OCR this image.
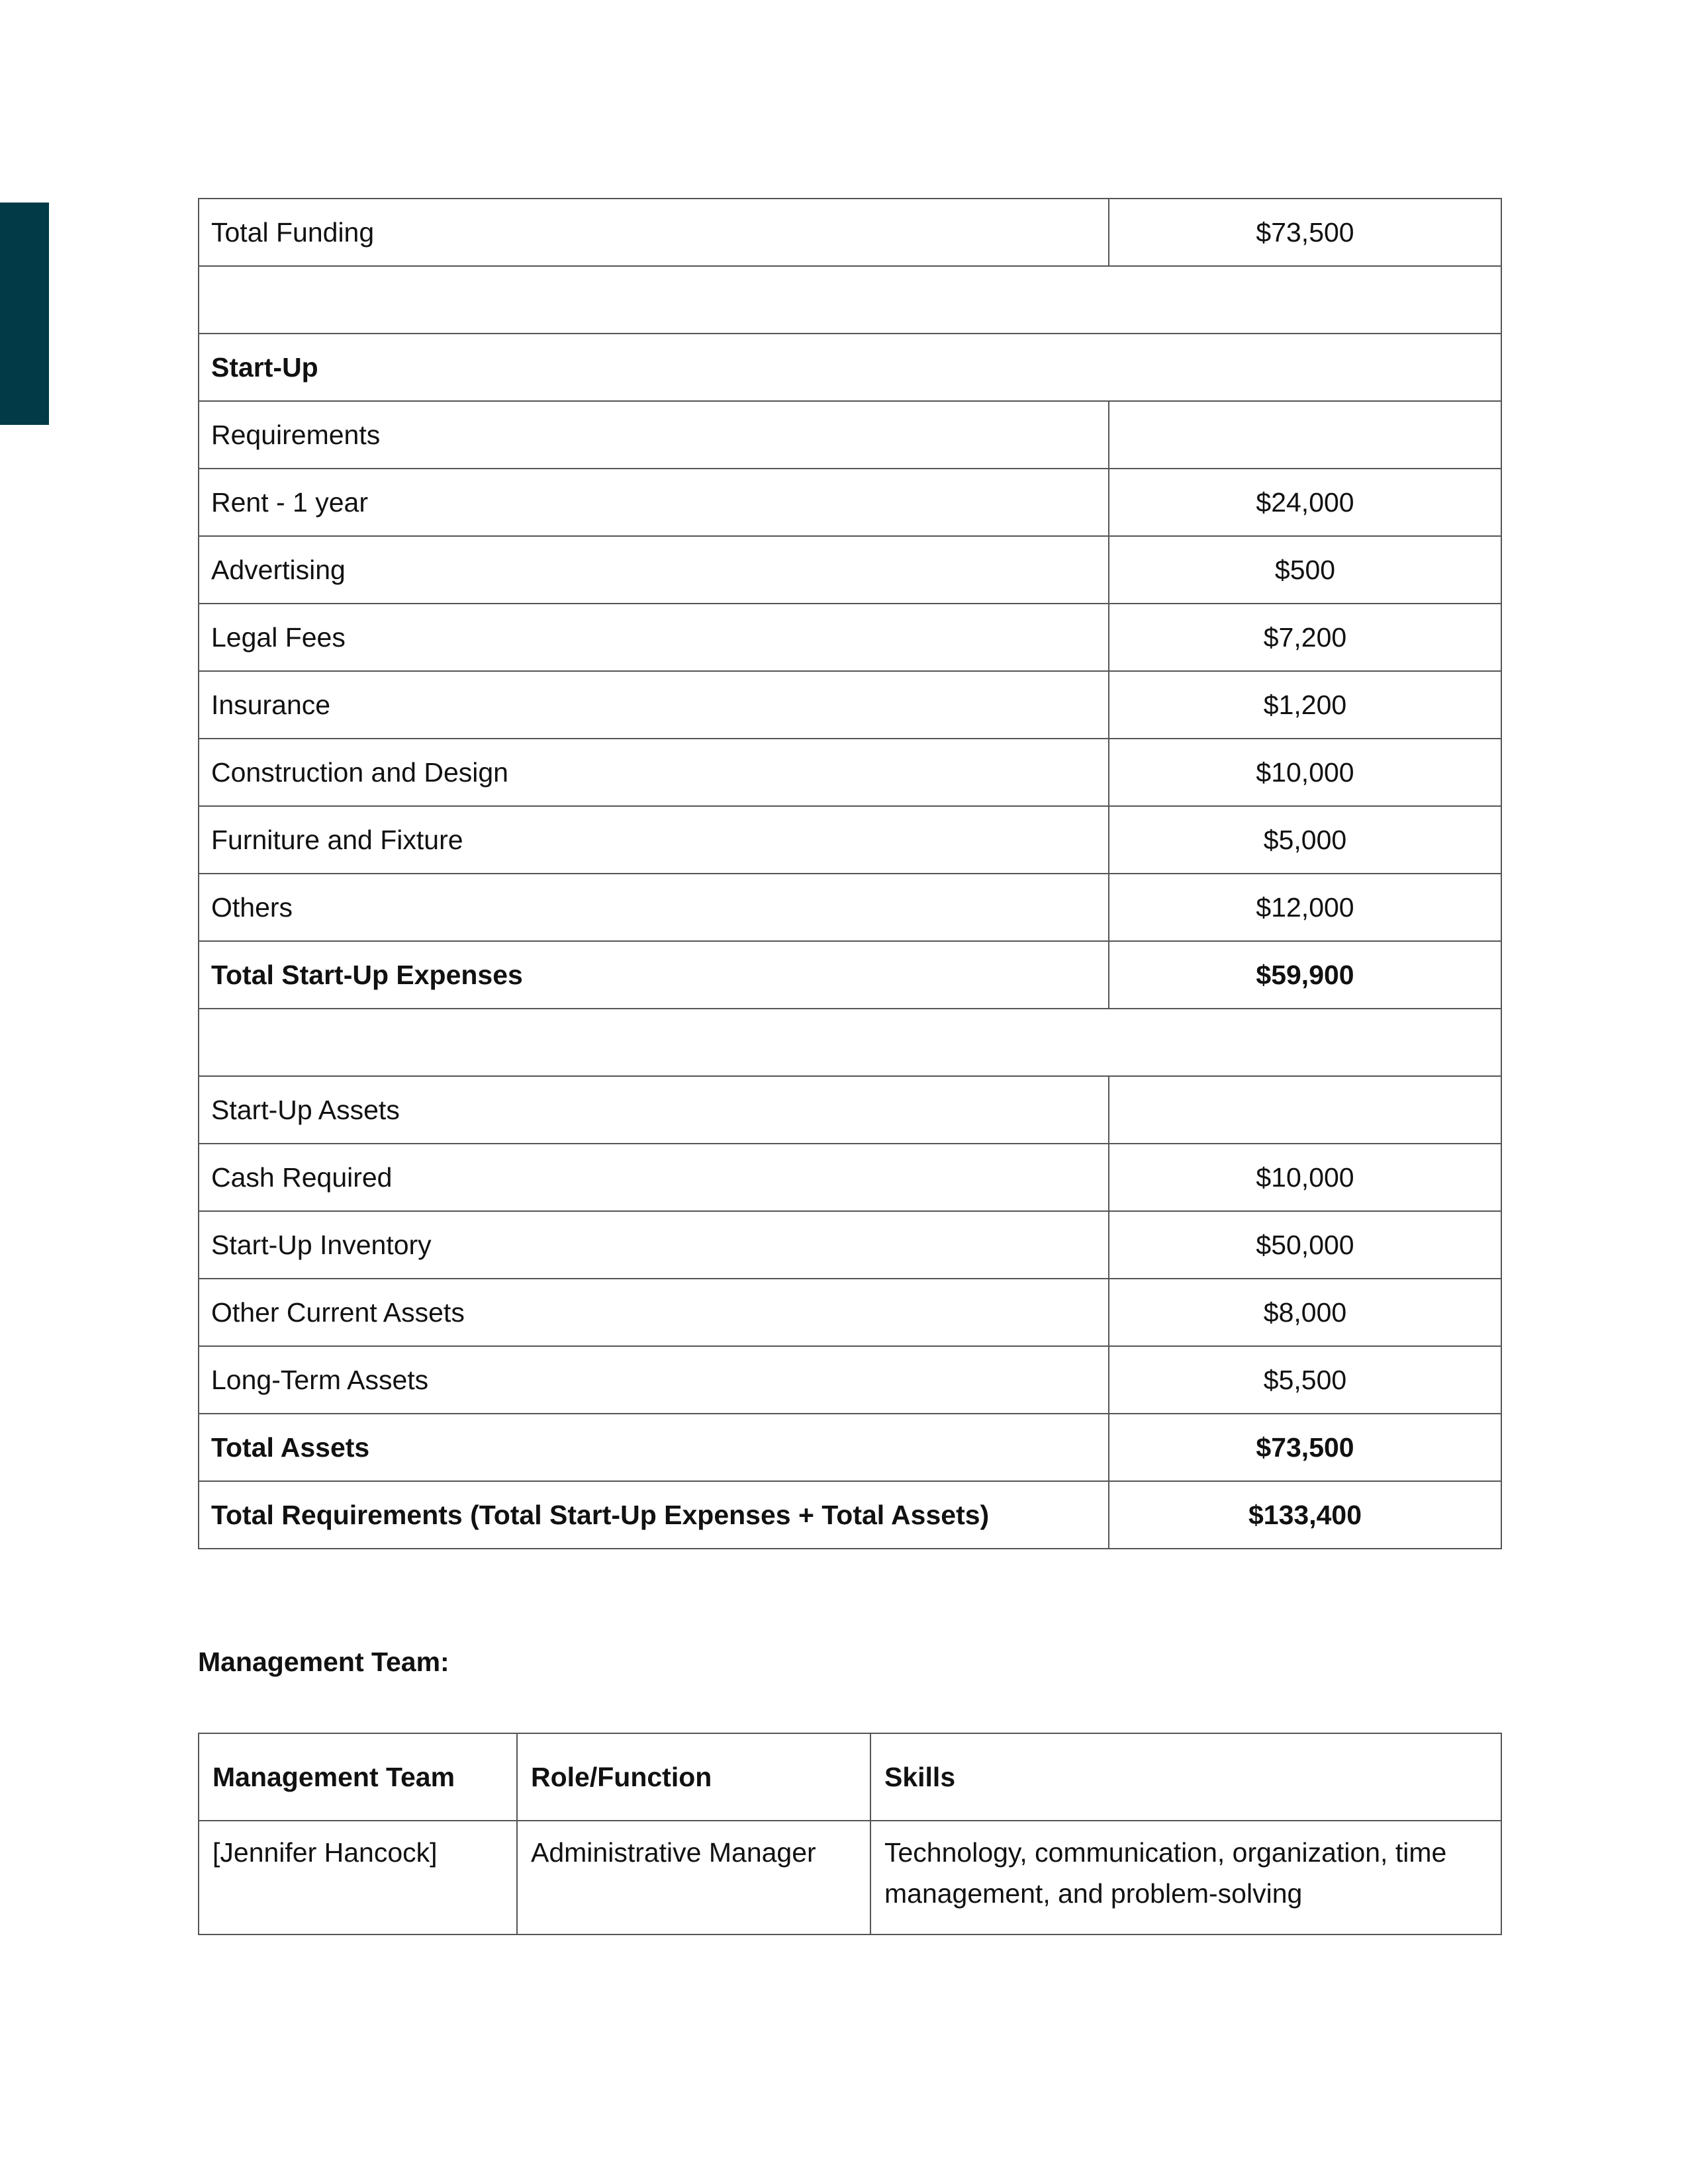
Total Funding	$73,500

Start-Up	
Requirements	
Rent - 1 year	$24,000
Advertising	$500
Legal Fees	$7,200
Insurance	$1,200
Construction and Design	$10,000
Furniture and Fixture	$5,000
Others	$12,000
Total Start-Up Expenses	$59,900

Start-Up Assets	
Cash Required	$10,000
Start-Up Inventory	$50,000
Other Current Assets	$8,000
Long-Term Assets	$5,500
Total Assets	$73,500
Total Requirements (Total Start-Up Expenses + Total Assets)	$133,400
Management Team:
Management Team	Role/Function	Skills
[Jennifer Hancock]	Administrative Manager	Technology, communication, organization, time management, and problem-solving
